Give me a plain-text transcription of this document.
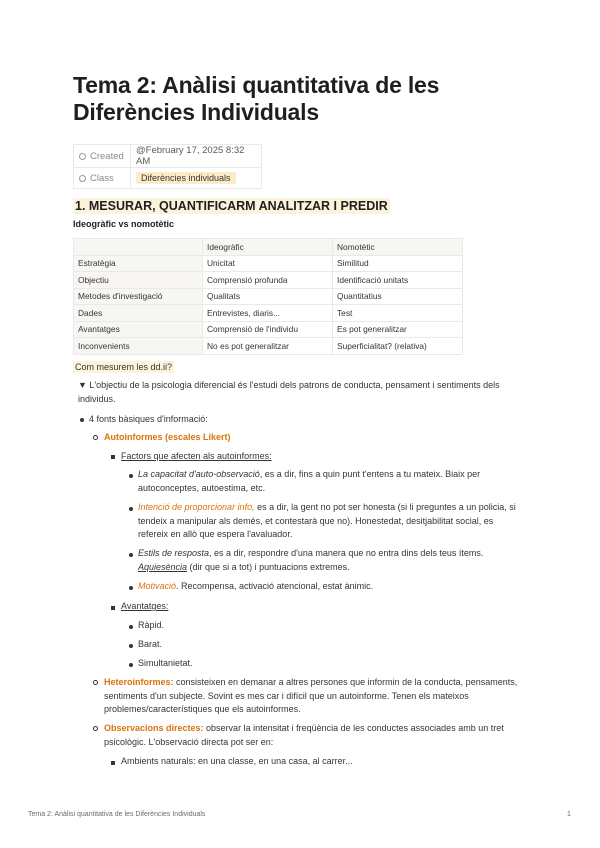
Tema 2: Anàlisi quantitativa de les Diferències Individuals
Created	@February 17, 2025 8:32 AM
Class	Diferències individuals
1. MESURAR, QUANTIFICARM ANALITZAR I PREDIR
Ideogràfic vs nomotètic
	Ideogràfic	Nomotètic
Estratègia	Unicitat	Similitud
Objectiu	Comprensió profunda	Identificació unitats
Metodes d'investigació	Qualitats	Quantitatius
Dades	Entrevistes, diaris...	Test
Avantatges	Comprensió de l'individu	Es pot generalitzar
Inconvenients	No es pot generalitzar	Superficialitat? (relativa)
Com mesurem les dd.ii?
▼ L'objectiu de la psicologia diferencial és l'estudi dels patrons de conducta, pensament i sentiments dels individus.
4 fonts bàsiques d'informació:
Autoinformes (escales Likert)
Factors que afecten als autoinformes:
La capacitat d'auto-observació, es a dir, fins a quin punt t'entens a tu mateix. Biaix per autoconceptes, autoestima, etc.
Intenció de proporcionar info, es a dir, la gent no pot ser honesta (si li preguntes a un policia, si tendeix a manipular als demés, et contestarà que no). Honestedat, desitjabilitat social, es refereix en allò que espera l'avaluador.
Estils de resposta, es a dir, respondre d'una manera que no entra dins dels teus ítems. Aquiesència (dir que si a tot) i puntuacions extremes.
Motivació. Recompensa, activació atencional, estat ànimic.
Avantatges:
Ràpid.
Barat.
Simultanietat.
Heteroinformes: consisteixen en demanar a altres persones que informin de la conducta, pensaments, sentiments d'un subjecte. Sovint es mes car i difícil que un autoinforme. Tenen els mateixos problemes/característiques que els autoinformes.
Observacions directes: observar la intensitat i freqüència de les conductes associades amb un tret psicològic. L'observació directa pot ser en:
Ambients naturals: en una classe, en una casa, al carrer...
Tema 2: Anàlisi quantitativa de les Diferències Individuals	1
